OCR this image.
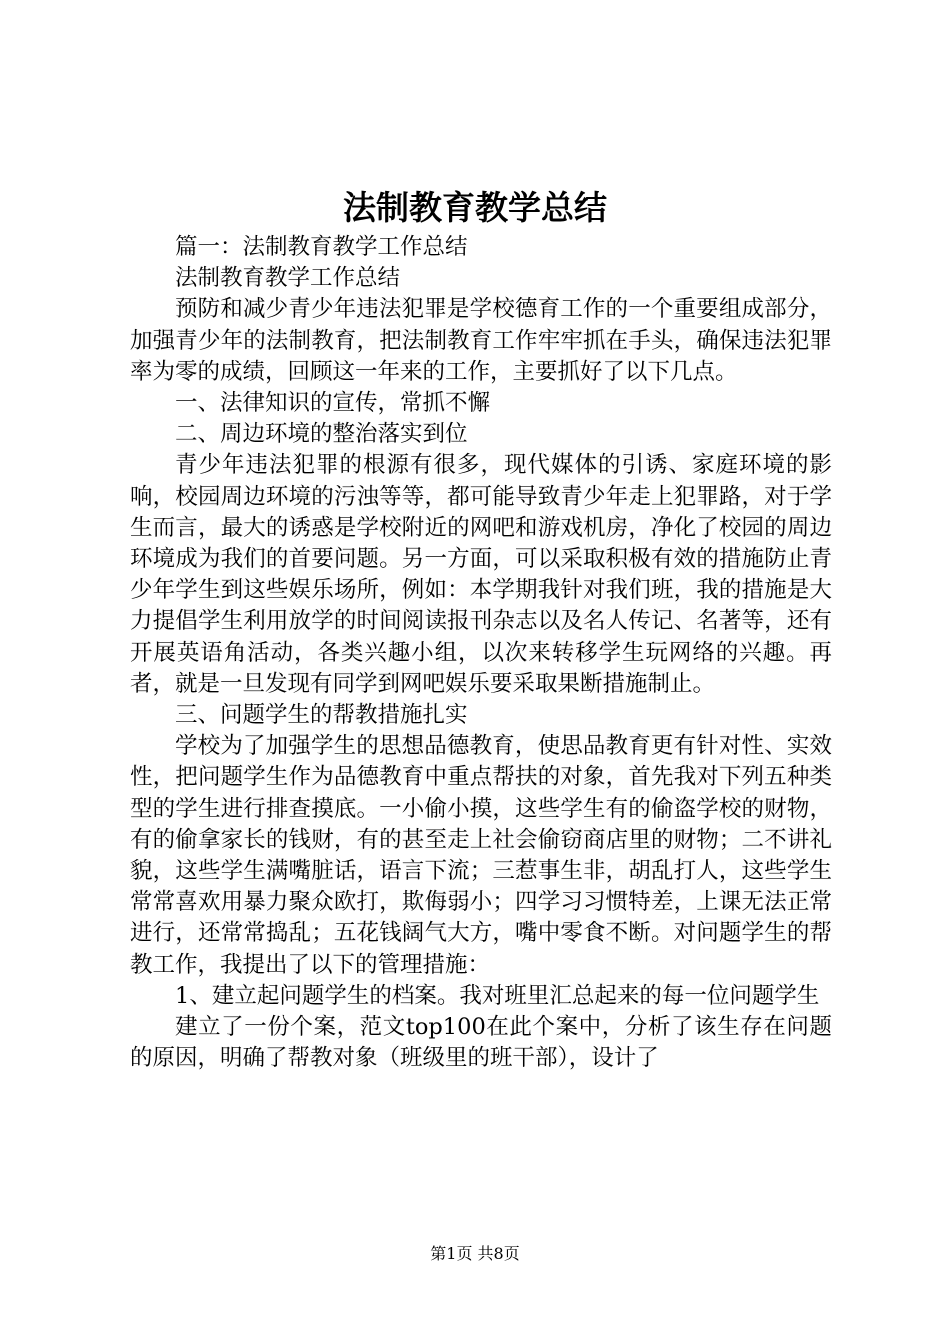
法制教育教学总结

篇一：法制教育教学工作总结

法制教育教学工作总结

预防和减少青少年违法犯罪是学校德育工作的一个重要组成部分，加强青少年的法制教育，把法制教育工作牢牢抓在手头，确保违法犯罪率为零的成绩，回顾这一年来的工作，主要抓好了以下几点。

一、法律知识的宣传，常抓不懈

二、周边环境的整治落实到位

青少年违法犯罪的根源有很多，现代媒体的引诱、家庭环境的影响，校园周边环境的污浊等等，都可能导致青少年走上犯罪路，对于学生而言，最大的诱惑是学校附近的网吧和游戏机房，净化了校园的周边环境成为我们的首要问题。另一方面，可以采取积极有效的措施防止青少年学生到这些娱乐场所，例如：本学期我针对我们班，我的措施是大力提倡学生利用放学的时间阅读报刊杂志以及名人传记、名著等，还有开展英语角活动，各类兴趣小组，以次来转移学生玩网络的兴趣。再者，就是一旦发现有同学到网吧娱乐要采取果断措施制止。

三、问题学生的帮教措施扎实

学校为了加强学生的思想品德教育，使思品教育更有针对性、实效性，把问题学生作为品德教育中重点帮扶的对象，首先我对下列五种类型的学生进行排查摸底。一小偷小摸，这些学生有的偷盗学校的财物，有的偷拿家长的钱财，有的甚至走上社会偷窃商店里的财物；二不讲礼貌，这些学生满嘴脏话，语言下流；三惹事生非，胡乱打人，这些学生常常喜欢用暴力聚众欧打，欺侮弱小；四学习习惯特差，上课无法正常进行，还常常捣乱；五花钱阔气大方，嘴中零食不断。对问题学生的帮教工作，我提出了以下的管理措施：

1、建立起问题学生的档案。我对班里汇总起来的每一位问题学生

建立了一份个案，范文top100在此个案中，分析了该生存在问题的原因，明确了帮教对象（班级里的班干部），设计了

第1页 共8页
